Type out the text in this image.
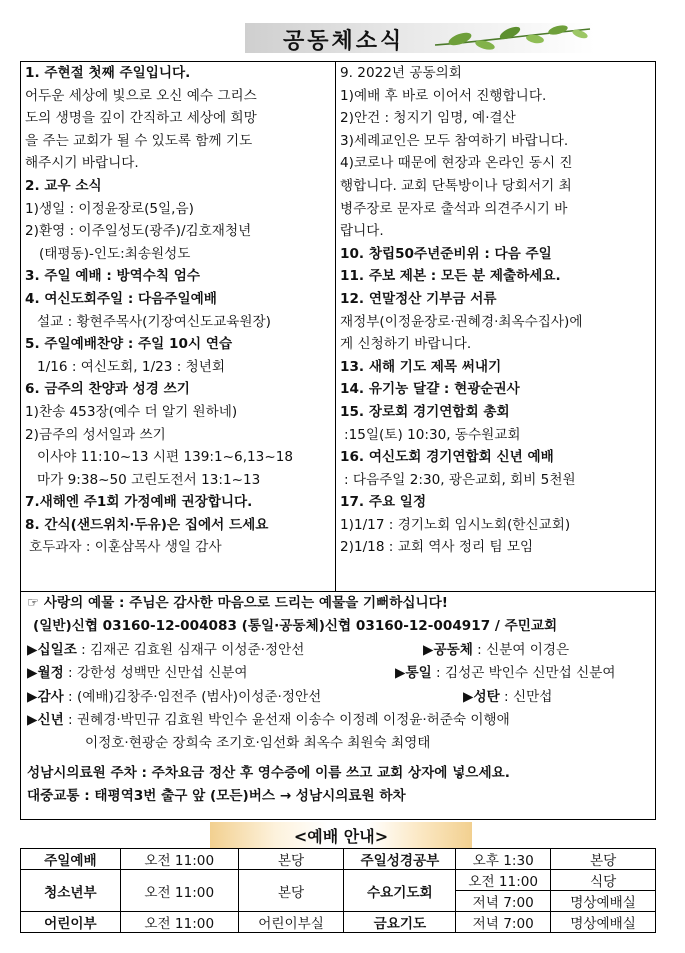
공동체소식
1. 주현절 첫째 주일입니다.
어두운 세상에 빛으로 오신 예수 그리스
도의 생명을 깊이 간직하고 세상에 희망
을 주는 교회가 될 수 있도록 함께 기도
해주시기 바랍니다.
2. 교우 소식
1)생일 : 이정윤장로(5일,음)
2)환영 : 이주일성도(광주)/김호재청년
(태평동)-인도:최송원성도
3. 주일 예배 : 방역수칙 엄수
4. 여신도회주일 : 다음주일예배
설교 : 황현주목사(기장여신도교육원장)
5. 주일예배찬양 : 주일 10시 연습
1/16 : 여신도회, 1/23 : 청년회
6. 금주의 찬양과 성경 쓰기
1)찬송 453장(예수 더 알기 원하네)
2)금주의 성서일과 쓰기
이사야 11:10~13 시편 139:1~6,13~18
마가 9:38~50 고린도전서 13:1~13
7.새해엔 주1회 가정예배 권장합니다.
8. 간식(샌드위치·두유)은 집에서 드세요
호두과자 : 이훈삼목사 생일 감사
9. 2022년 공동의회
1)예배 후 바로 이어서 진행합니다.
2)안건 : 청지기 임명, 예·결산
3)세례교인은 모두 참여하기 바랍니다.
4)코로나 때문에 현장과 온라인 동시 진
행합니다. 교회 단톡방이나 당회서기 최
병주장로 문자로 출석과 의견주시기 바
랍니다.
10. 창립50주년준비위 : 다음 주일
11. 주보 제본 : 모든 분 제출하세요.
12. 연말정산 기부금 서류
재정부(이정윤장로·권혜경·최옥수집사)에
게 신청하기 바랍니다.
13. 새해 기도 제목 써내기
14. 유기농 달걀 : 현광순권사
15. 장로회 경기연합회 총회
:15일(토) 10:30, 동수원교회
16. 여신도회 경기연합회 신년 예배
: 다음주일 2:30, 광은교회, 회비 5천원
17. 주요 일정
1)1/17 : 경기노회 임시노회(한신교회)
2)1/18 : 교회 역사 정리 팀 모임
☞ 사랑의 예물 : 주님은 감사한 마음으로 드리는 예물을 기뻐하십니다!
(일반)신협 03160-12-004083 (통일·공동체)신협 03160-12-004917 / 주민교회
▶십일조 : 김재곤 김효원 심재구 이성준·정안선	▶공동체 : 신분여 이경은
▶월정 : 강한성 성백만 신만섭 신분여	▶통일 : 김성곤 박인수 신만섭 신분여
▶감사 : (예배)김창주·임전주 (범사)이성준·정안선	▶성탄 : 신만섭
▶신년 : 권혜경·박민규 김효원 박인수 윤선재 이송수 이정례 이정윤·허준숙 이행애
이정호·현광순 장희숙 조기호·임선화 최옥수 최원숙 최영태
성남시의료원 주차 : 주차요금 정산 후 영수증에 이름 쓰고 교회 상자에 넣으세요.
대중교통 : 태평역3번 출구 앞 (모든)버스 → 성남시의료원 하차
<예배 안내>
주일예배	오전 11:00	본당	주일성경공부	오후 1:30	본당
청소년부	오전 11:00	본당	수요기도회	오전 11:00	식당
				저녁 7:00	명상예배실
어린이부	오전 11:00	어린이부실	금요기도	저녁 7:00	명상예배실
